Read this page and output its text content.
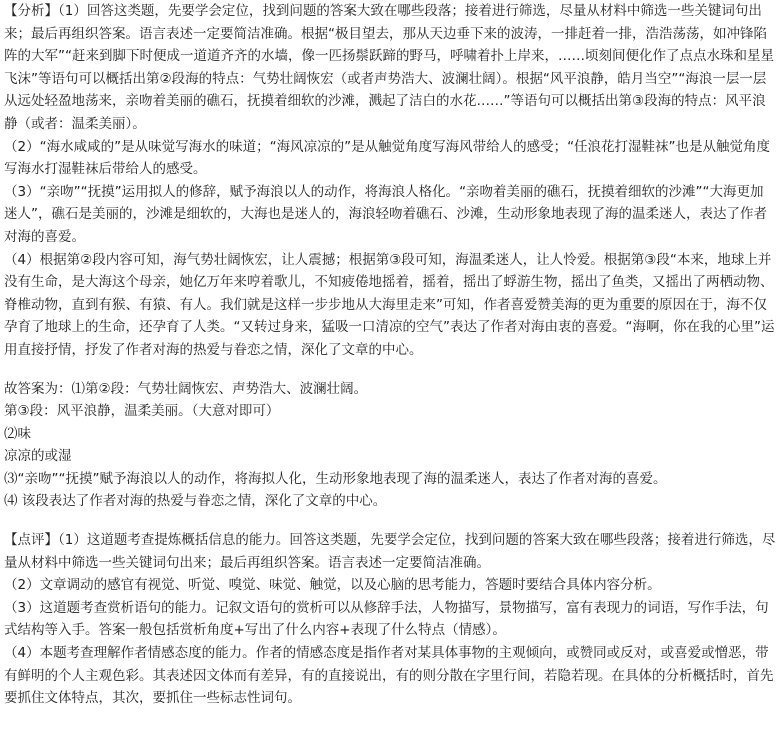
【分析】（1）回答这类题，先要学会定位，找到问题的答案大致在哪些段落；接着进行筛选，尽量从材料中筛选一些关键词句出来；最后再组织答案。语言表述一定要简洁准确。根据“极目望去，那从天边垂下来的波涛，一排赶着一排，浩浩荡荡，如冲锋陷阵的大军”“赶来到脚下时便成一道道齐齐的水墙，像一匹扬鬃跃蹄的野马，呼啸着扑上岸来，……顷刻间便化作了点点水珠和星星飞沫”等语句可以概括出第②段海的特点：气势壮阔恢宏（或者声势浩大、波澜壮阔）。根据“风平浪静，皓月当空”“海浪一层一层从远处轻盈地荡来，亲吻着美丽的礁石，抚摸着细软的沙滩，溅起了洁白的水花……”等语句可以概括出第③段海的特点：风平浪静（或者：温柔美丽）。

（2）“海水咸咸的”是从味觉写海水的味道；“海风凉凉的”是从触觉角度写海风带给人的感受；“任浪花打湿鞋袜”也是从触觉角度写海水打湿鞋袜后带给人的感受。

（3）“亲吻”“抚摸”运用拟人的修辞，赋予海浪以人的动作，将海浪人格化。“亲吻着美丽的礁石，抚摸着细软的沙滩”“大海更加迷人”，礁石是美丽的，沙滩是细软的，大海也是迷人的，海浪轻吻着礁石、沙滩，生动形象地表现了海的温柔迷人，表达了作者对海的喜爱。

（4）根据第②段内容可知，海气势壮阔恢宏，让人震撼；根据第③段可知，海温柔迷人，让人怜爱。根据第③段“本来，地球上并没有生命，是大海这个母亲，她亿万年来哼着歌儿，不知疲倦地摇着，摇着，摇出了蜉游生物，摇出了鱼类，又摇出了两栖动物、脊椎动物，直到有猴、有猿、有人。我们就是这样一步步地从大海里走来”可知，作者喜爱赞美海的更为重要的原因在于，海不仅孕育了地球上的生命，还孕育了人类。“又转过身来，猛吸一口清凉的空气”表达了作者对海由衷的喜爱。“海啊，你在我的心里”运用直接抒情，抒发了作者对海的热爱与眷恋之情，深化了文章的中心。

故答案为：⑴第②段：气势壮阔恢宏、声势浩大、波澜壮阔。

第③段：风平浪静，温柔美丽。（大意对即可）

⑵味

凉凉的或湿

⑶“亲吻”“抚摸”赋予海浪以人的动作，将海拟人化，生动形象地表现了海的温柔迷人，表达了作者对海的喜爱。

⑷ 该段表达了作者对海的热爱与眷恋之情，深化了文章的中心。

【点评】（1）这道题考查提炼概括信息的能力。回答这类题，先要学会定位，找到问题的答案大致在哪些段落；接着进行筛选，尽量从材料中筛选一些关键词句出来；最后再组织答案。语言表述一定要简洁准确。

（2）文章调动的感官有视觉、听觉、嗅觉、味觉、触觉，以及心脑的思考能力，答题时要结合具体内容分析。

（3）这道题考查赏析语句的能力。记叙文语句的赏析可以从修辞手法，人物描写，景物描写，富有表现力的词语，写作手法，句式结构等入手。答案一般包括赏析角度+写出了什么内容+表现了什么特点（情感）。

（4）本题考查理解作者情感态度的能力。作者的情感态度是指作者对某具体事物的主观倾向，或赞同或反对，或喜爱或憎恶，带有鲜明的个人主观色彩。其表述因文体而有差异，有的直接说出，有的则分散在字里行间，若隐若现。在具体的分析概括时，首先要抓住文体特点，其次，要抓住一些标志性词句。
